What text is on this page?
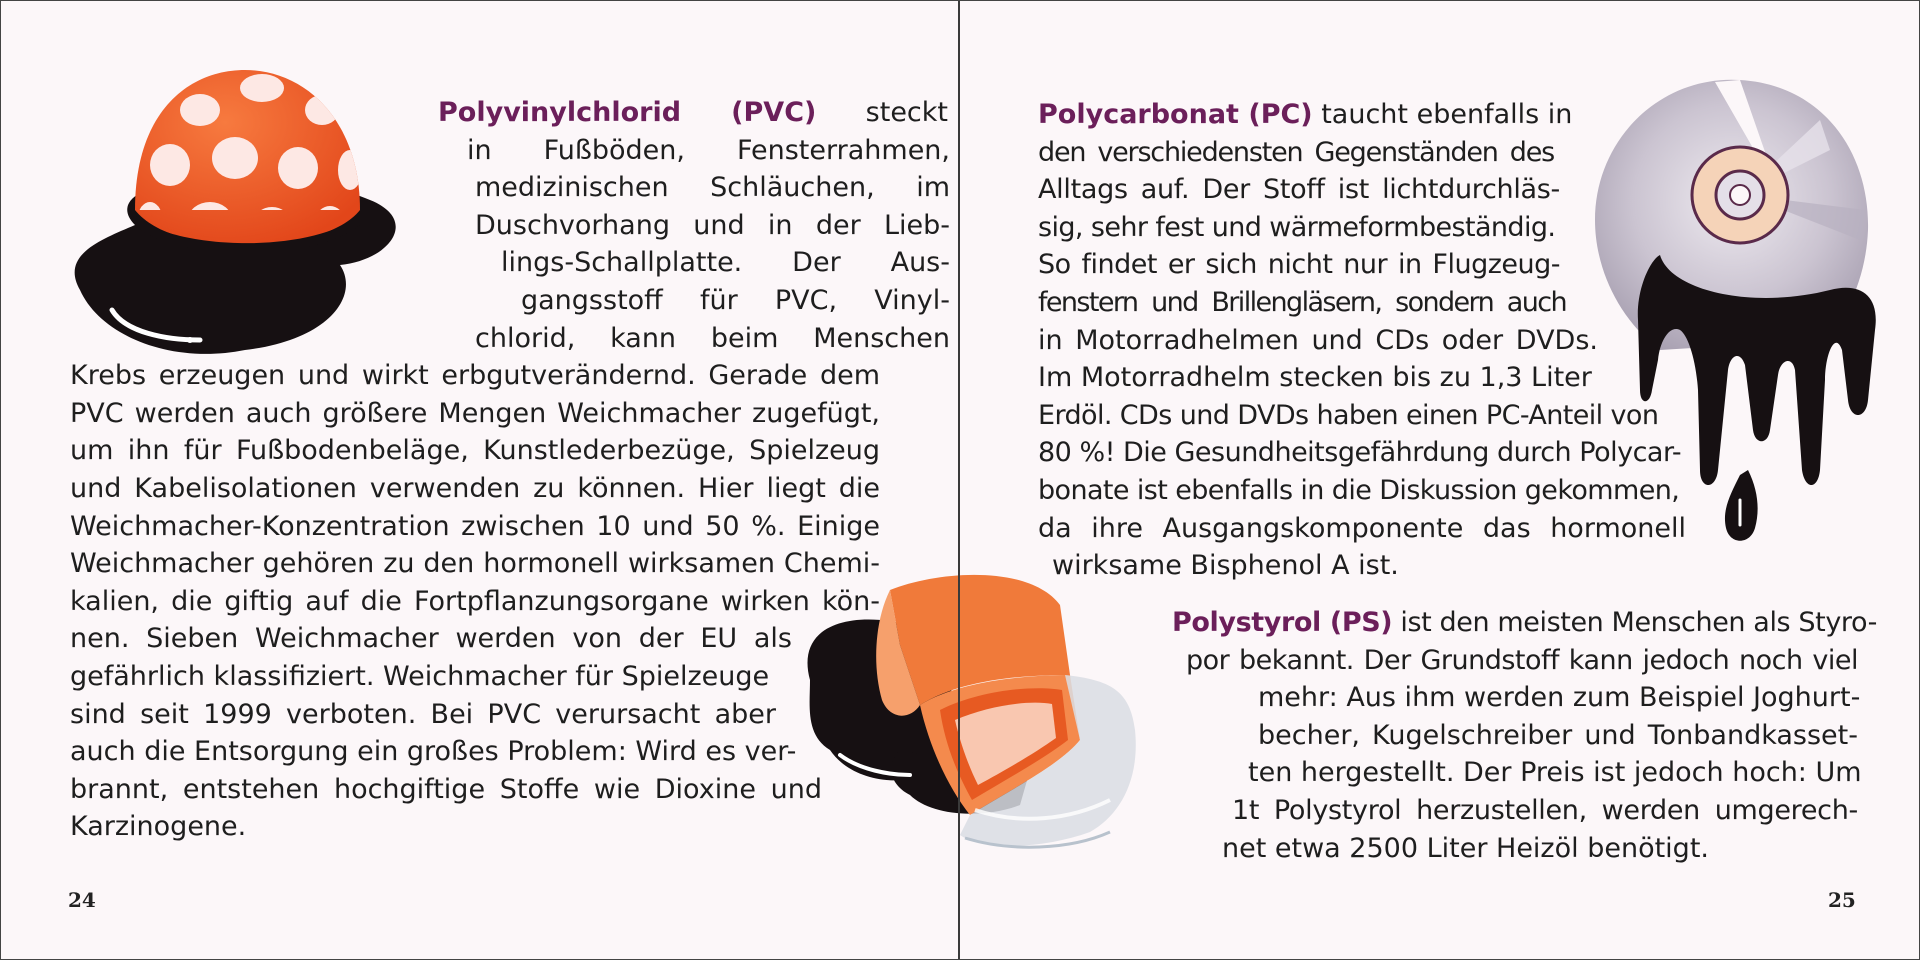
Polyvinylchlorid (PVC) steckt
in Fußböden, Fensterrahmen,
medizinischen Schläuchen, im
Duschvorhang und in der Lieb-
lings-Schallplatte. Der Aus-
gangsstoff für PVC, Vinyl-
chlorid, kann beim Menschen
Krebs erzeugen und wirkt erbgutverändernd. Gerade dem
PVC werden auch größere Mengen Weichmacher zugefügt,
um ihn für Fußbodenbeläge, Kunstlederbezüge, Spielzeug
und Kabelisolationen verwenden zu können. Hier liegt die
Weichmacher-Konzentration zwischen 10 und 50 %. Einige
Weichmacher gehören zu den hormonell wirksamen Chemi-
kalien, die giftig auf die Fortpflanzungsorgane wirken kön-
nen. Sieben Weichmacher werden von der EU als
gefährlich klassifiziert. Weichmacher für Spielzeuge
sind seit 1999 verboten. Bei PVC verursacht aber
auch die Entsorgung ein großes Problem: Wird es ver-
brannt, entstehen hochgiftige Stoffe wie Dioxine und
Karzinogene.
24
Polycarbonat (PC) taucht ebenfalls in
den verschiedensten Gegenständen des
Alltags auf. Der Stoff ist lichtdurchläs-
sig, sehr fest und wärmeformbeständig.
So findet er sich nicht nur in Flugzeug-
fenstern und Brillengläsern, sondern auch
in Motorradhelmen und CDs oder DVDs.
Im Motorradhelm stecken bis zu 1,3 Liter
Erdöl. CDs und DVDs haben einen PC-Anteil von
80 %! Die Gesundheitsgefährdung durch Polycar-
bonate ist ebenfalls in die Diskussion gekommen,
da ihre Ausgangskomponente das hormonell
wirksame Bisphenol A ist.
Polystyrol (PS) ist den meisten Menschen als Styro-
por bekannt. Der Grundstoff kann jedoch noch viel
mehr: Aus ihm werden zum Beispiel Joghurt-
becher, Kugelschreiber und Tonbandkasset-
ten hergestellt. Der Preis ist jedoch hoch: Um
1t Polystyrol herzustellen, werden umgerech-
net etwa 2500 Liter Heizöl benötigt.
25
